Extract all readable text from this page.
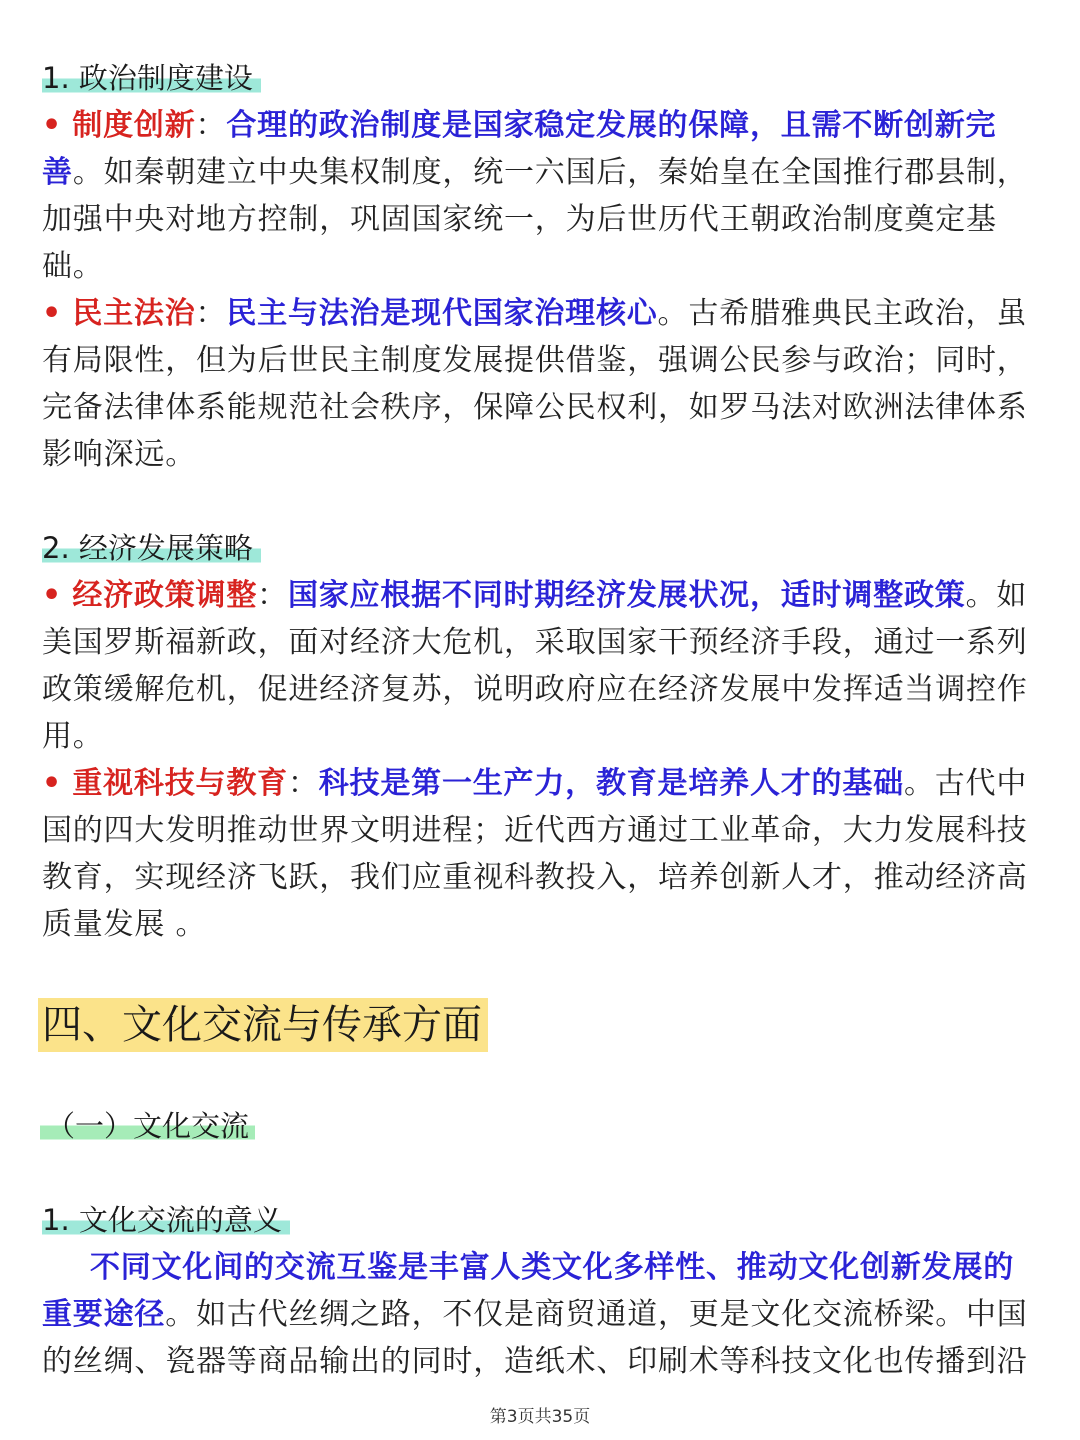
1. 政治制度建设

• 制度创新：合理的政治制度是国家稳定发展的保障，且需不断创新完善。如秦朝建立中央集权制度，统一六国后，秦始皇在全国推行郡县制，加强中央对地方控制，巩固国家统一，为后世历代王朝政治制度奠定基础。

• 民主法治：民主与法治是现代国家治理核心。古希腊雅典民主政治，虽有局限性，但为后世民主制度发展提供借鉴，强调公民参与政治；同时，完备法律体系能规范社会秩序，保障公民权利，如罗马法对欧洲法律体系影响深远。

2. 经济发展策略

• 经济政策调整：国家应根据不同时期经济发展状况，适时调整政策。如美国罗斯福新政，面对经济大危机，采取国家干预经济手段，通过一系列政策缓解危机，促进经济复苏，说明政府应在经济发展中发挥适当调控作用。

• 重视科技与教育：科技是第一生产力，教育是培养人才的基础。古代中国的四大发明推动世界文明进程；近代西方通过工业革命，大力发展科技教育，实现经济飞跃，我们应重视科教投入，培养创新人才，推动经济高质量发展 。

四、文化交流与传承方面
（一）文化交流
1. 文化交流的意义

不同文化间的交流互鉴是丰富人类文化多样性、推动文化创新发展的重要途径。如古代丝绸之路，不仅是商贸通道，更是文化交流桥梁。中国的丝绸、瓷器等商品输出的同时，造纸术、印刷术等科技文化也传播到沿

第3页共35页
